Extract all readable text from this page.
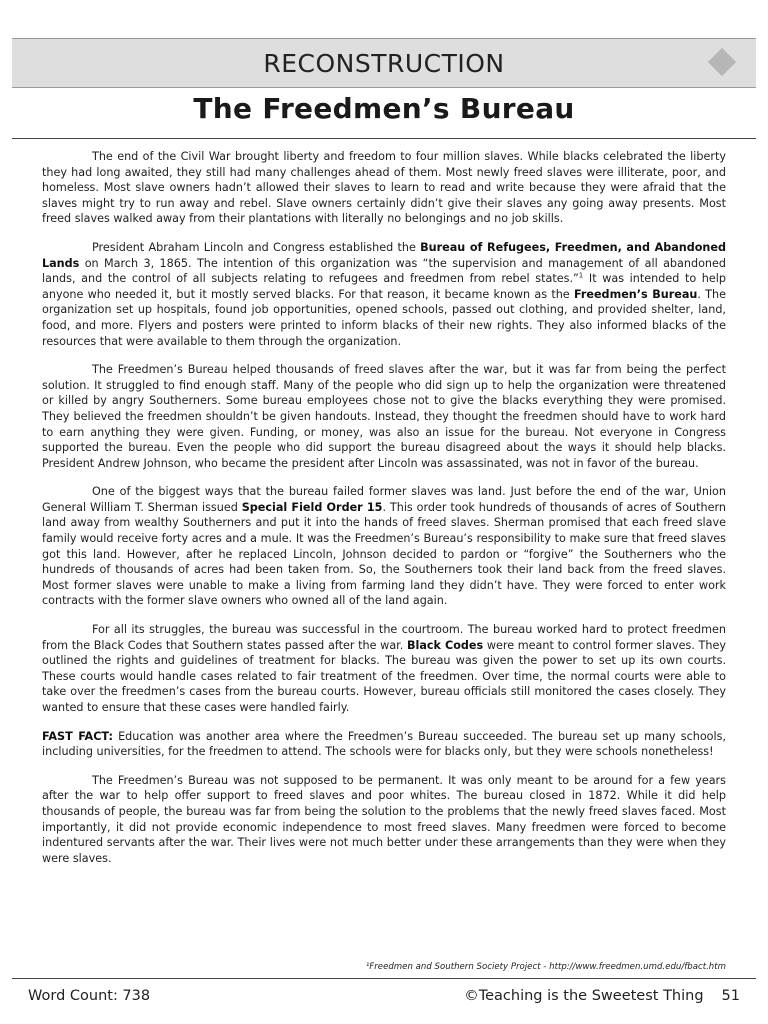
RECONSTRUCTION
The Freedmen’s Bureau

The end of the Civil War brought liberty and freedom to four million slaves. While blacks celebrated the liberty they had long awaited, they still had many challenges ahead of them. Most newly freed slaves were illiterate, poor, and homeless. Most slave owners hadn’t allowed their slaves to learn to read and write because they were afraid that the slaves might try to run away and rebel. Slave owners certainly didn’t give their slaves any going away presents. Most freed slaves walked away from their plantations with literally no belongings and no job skills.

President Abraham Lincoln and Congress established the Bureau of Refugees, Freedmen, and Abandoned Lands on March 3, 1865. The intention of this organization was “the supervision and management of all abandoned lands, and the control of all subjects relating to refugees and freedmen from rebel states.”$^1$ It was intended to help anyone who needed it, but it mostly served blacks. For that reason, it became known as the Freedmen’s Bureau. The organization set up hospitals, found job opportunities, opened schools, passed out clothing, and provided shelter, land, food, and more. Flyers and posters were printed to inform blacks of their new rights. They also informed blacks of the resources that were available to them through the organization.

The Freedmen’s Bureau helped thousands of freed slaves after the war, but it was far from being the perfect solution. It struggled to find enough staff. Many of the people who did sign up to help the organization were threatened or killed by angry Southerners. Some bureau employees chose not to give the blacks everything they were promised. They believed the freedmen shouldn’t be given handouts. Instead, they thought the freedmen should have to work hard to earn anything they were given. Funding, or money, was also an issue for the bureau. Not everyone in Congress supported the bureau. Even the people who did support the bureau disagreed about the ways it should help blacks. President Andrew Johnson, who became the president after Lincoln was assassinated, was not in favor of the bureau.

One of the biggest ways that the bureau failed former slaves was land. Just before the end of the war, Union General William T. Sherman issued Special Field Order 15. This order took hundreds of thousands of acres of Southern land away from wealthy Southerners and put it into the hands of freed slaves. Sherman promised that each freed slave family would receive forty acres and a mule. It was the Freedmen’s Bureau’s responsibility to make sure that freed slaves got this land. However, after he replaced Lincoln, Johnson decided to pardon or “forgive” the Southerners who the hundreds of thousands of acres had been taken from. So, the Southerners took their land back from the freed slaves. Most former slaves were unable to make a living from farming land they didn’t have. They were forced to enter work contracts with the former slave owners who owned all of the land again.

For all its struggles, the bureau was successful in the courtroom. The bureau worked hard to protect freedmen from the Black Codes that Southern states passed after the war. Black Codes were meant to control former slaves. They outlined the rights and guidelines of treatment for blacks. The bureau was given the power to set up its own courts. These courts would handle cases related to fair treatment of the freedmen. Over time, the normal courts were able to take over the freedmen’s cases from the bureau courts. However, bureau officials still monitored the cases closely. They wanted to ensure that these cases were handled fairly.

FAST FACT: Education was another area where the Freedmen’s Bureau succeeded. The bureau set up many schools, including universities, for the freedmen to attend. The schools were for blacks only, but they were schools nonetheless!

The Freedmen’s Bureau was not supposed to be permanent. It was only meant to be around for a few years after the war to help offer support to freed slaves and poor whites. The bureau closed in 1872. While it did help thousands of people, the bureau was far from being the solution to the problems that the newly freed slaves faced. Most importantly, it did not provide economic independence to most freed slaves. Many freedmen were forced to become indentured servants after the war. Their lives were not much better under these arrangements than they were when they were slaves.

¹Freedmen and Southern Society Project - http://www.freedmen.umd.edu/fbact.htm
Word Count: 738	©Teaching is the Sweetest Thing 51
